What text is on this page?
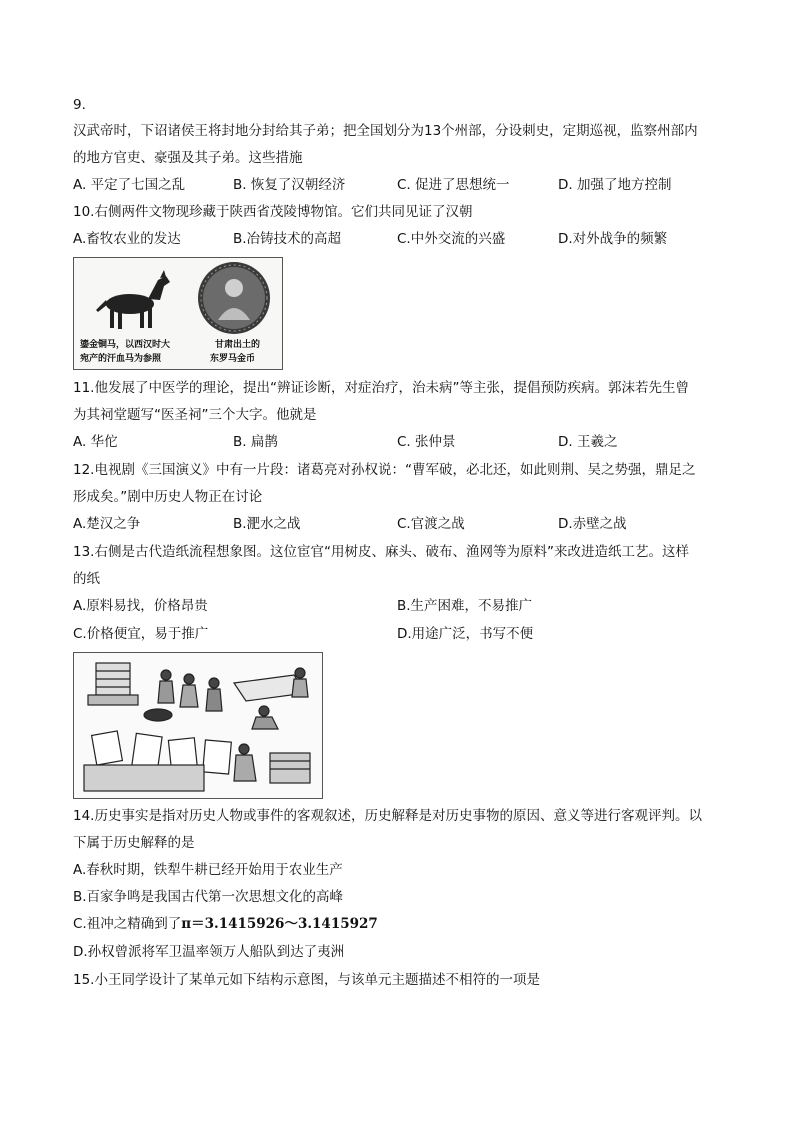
9.
汉武帝时，下诏诸侯王将封地分封给其子弟；把全国划分为13个州部，分设刺史，定期巡视，监察州部内
的地方官吏、豪强及其子弟。这些措施
A. 平定了七国之乱	B. 恢复了汉朝经济	C. 促进了思想统一	D. 加强了地方控制
10.右侧两件文物现珍藏于陕西省茂陵博物馆。它们共同见证了汉朝
A.畜牧农业的发达	B.冶铸技术的高超	C.中外交流的兴盛	D.对外战争的频繁
鎏金铜马，以西汉时大
宛产的汗血马为参照
甘肃出土的
东罗马金币
11.他发展了中医学的理论，提出“辨证诊断，对症治疗，治未病”等主张，提倡预防疾病。郭沫若先生曾
为其祠堂题写“医圣祠”三个大字。他就是
A. 华佗	B. 扁鹊	C. 张仲景	D. 王羲之
12.电视剧《三国演义》中有一片段：诸葛亮对孙权说：“曹军破，必北还，如此则荆、吴之势强，鼎足之
形成矣。”剧中历史人物正在讨论
A.楚汉之争	B.淝水之战	C.官渡之战	D.赤壁之战
13.右侧是古代造纸流程想象图。这位宦官“用树皮、麻头、破布、渔网等为原料”来改进造纸工艺。这样
的纸
A.原料易找，价格昂贵	B.生产困难，不易推广
C.价格便宜，易于推广	D.用途广泛，书写不便
14.历史事实是指对历史人物或事件的客观叙述，历史解释是对历史事物的原因、意义等进行客观评判。以
下属于历史解释的是
A.春秋时期，铁犁牛耕已经开始用于农业生产
B.百家争鸣是我国古代第一次思想文化的高峰
C.祖冲之精确到了π＝3.1415926～3.1415927
D.孙权曾派将军卫温率领万人船队到达了夷洲
15.小王同学设计了某单元如下结构示意图，与该单元主题描述不相符的一项是
